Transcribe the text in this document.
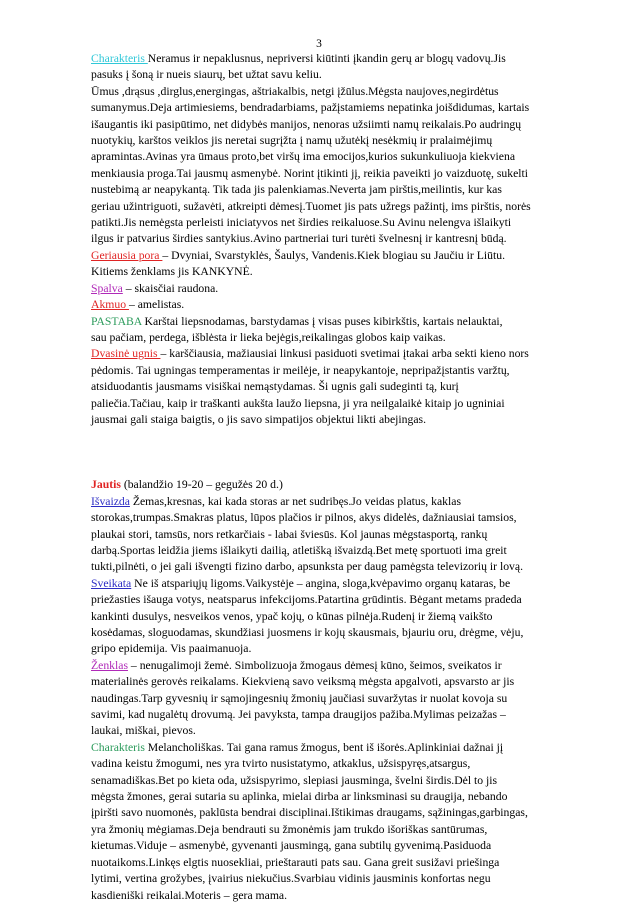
3
Charakteris Neramus ir nepaklusnus, nepriversi kiūtinti įkandin gerų ar blogų vadovų.Jis
pasuks į šoną ir nueis siaurų, bet užtat savu keliu.
Ūmus ,drąsus ,dirglus,energingas, aštriakalbis, netgi įžūlus.Mėgsta naujoves,negirdėtus
sumanymus.Deja artimiesiems, bendradarbiams, pažįstamiems nepatinka joišdidumas, kartais
išaugantis iki pasipūtimo, net didybės manijos, nenoras užsiimti namų reikalais.Po audringų
nuotykių, karštos veiklos jis neretai sugrįžta į namų užutėkį nesėkmių ir pralaimėjimų
apramintas.Avinas yra ūmaus proto,bet viršų ima emocijos,kurios sukunkuliuoja kiekviena
menkiausia proga.Tai jausmų asmenybė. Norint įtikinti jį, reikia paveikti jo vaizduotę, sukelti
nustebimą ar neapykantą. Tik tada jis palenkiamas.Neverta jam pirštis,meilintis, kur kas
geriau užintriguoti, sužavėti, atkreipti dėmesį.Tuomet jis pats užregs pažintį, ims pirštis, norės
patikti.Jis nemėgsta perleisti iniciatyvos net širdies reikaluose.Su Avinu nelengva išlaikyti
ilgus ir patvarius širdies santykius.Avino partneriai turi turėti švelnesnį ir kantresnį būdą.
Geriausia pora – Dvyniai, Svarstyklės, Šaulys, Vandenis.Kiek blogiau su Jaučiu ir Liūtu.
Kitiems ženklams jis KANKYNĖ.
Spalva – skaisčiai raudona.
Akmuo – amelistas.
PASTABA Karštai liepsnodamas, barstydamas į visas puses kibirkštis, kartais nelauktai,
sau pačiam, perdega, išblėsta ir lieka bejėgis,reikalingas globos kaip vaikas.
Dvasinė ugnis – karščiausia, mažiausiai linkusi pasiduoti svetimai įtakai arba sekti kieno nors
pėdomis. Tai ugningas temperamentas ir meilėje, ir neapykantoje, nepripažįstantis varžtų,
atsiduodantis jausmams visiškai nemąstydamas. Ši ugnis gali sudeginti tą, kurį
paliečia.Tačiau, kaip ir traškanti aukšta laužo liepsna, ji yra neilgalaikė kitaip jo ugniniai
jausmai gali staiga baigtis, o jis savo simpatijos objektui likti abejingas.
Jautis (balandžio 19-20 – gegužės 20 d.)
Išvaizda Žemas,kresnas, kai kada storas ar net sudribęs.Jo veidas platus, kaklas
storokas,trumpas.Smakras platus, lūpos plačios ir pilnos, akys didelės, dažniausiai tamsios,
plaukai stori, tamsūs, nors retkarčiais - labai šviesūs. Kol jaunas mėgstasportą, rankų
darbą.Sportas leidžia jiems išlaikyti dailią, atletišką išvaizdą.Bet metę sportuoti ima greit
tukti,pilnėti, o jei gali išvengti fizino darbo, apsunksta per daug pamėgsta televizorių ir lovą.
Sveikata Ne iš atspariųjų ligoms.Vaikystėje – angina, sloga,kvėpavimo organų kataras, be
priežasties išauga votys, neatsparus infekcijoms.Patartina grūdintis. Bėgant metams pradeda
kankinti dusulys, nesveikos venos, ypač kojų, o kūnas pilnėja.Rudenį ir žiemą vaikšto
kosėdamas, sloguodamas, skundžiasi juosmens ir kojų skausmais, bjauriu oru, drėgme, vėju,
gripo epidemija. Vis paaimanuoja.
Ženklas – nenugalimoji žemė. Simbolizuoja žmogaus dėmesį kūno, šeimos, sveikatos ir
materialinės gerovės reikalams. Kiekvieną savo veiksmą mėgsta apgalvoti, apsvarsto ar jis
naudingas.Tarp gyvesnių ir sąmojingesnių žmonių jaučiasi suvaržytas ir nuolat kovoja su
savimi, kad nugalėtų drovumą. Jei pavyksta, tampa draugijos pažiba.Mylimas peizažas –
laukai, miškai, pievos.
Charakteris Melancholiškas. Tai gana ramus žmogus, bent iš išorės.Aplinkiniai dažnai jį
vadina keistu žmogumi, nes yra tvirto nusistatymo, atkaklus, užsispyręs,atsargus,
senamadiškas.Bet po kieta oda, užsispyrimo, slepiasi jausminga, švelni širdis.Dėl to jis
mėgsta žmones, gerai sutaria su aplinka, mielai dirba ar linksminasi su draugija, nebando
įpiršti savo nuomonės, paklūsta bendrai disciplinai.Ištikimas draugams, sąžiningas,garbingas,
yra žmonių mėgiamas.Deja bendrauti su žmonėmis jam trukdo išoriškas santūrumas,
kietumas.Viduje – asmenybė, gyvenanti jausmingą, gana subtilų gyvenimą.Pasiduoda
nuotaikoms.Linkęs elgtis nuosekliai, prieštarauti pats sau. Gana greit susižavi priešinga
lytimi, vertina grožybes, įvairius niekučius.Svarbiau vidinis jausminis konfortas negu
kasdieniški reikalai.Moteris – gera mama.
